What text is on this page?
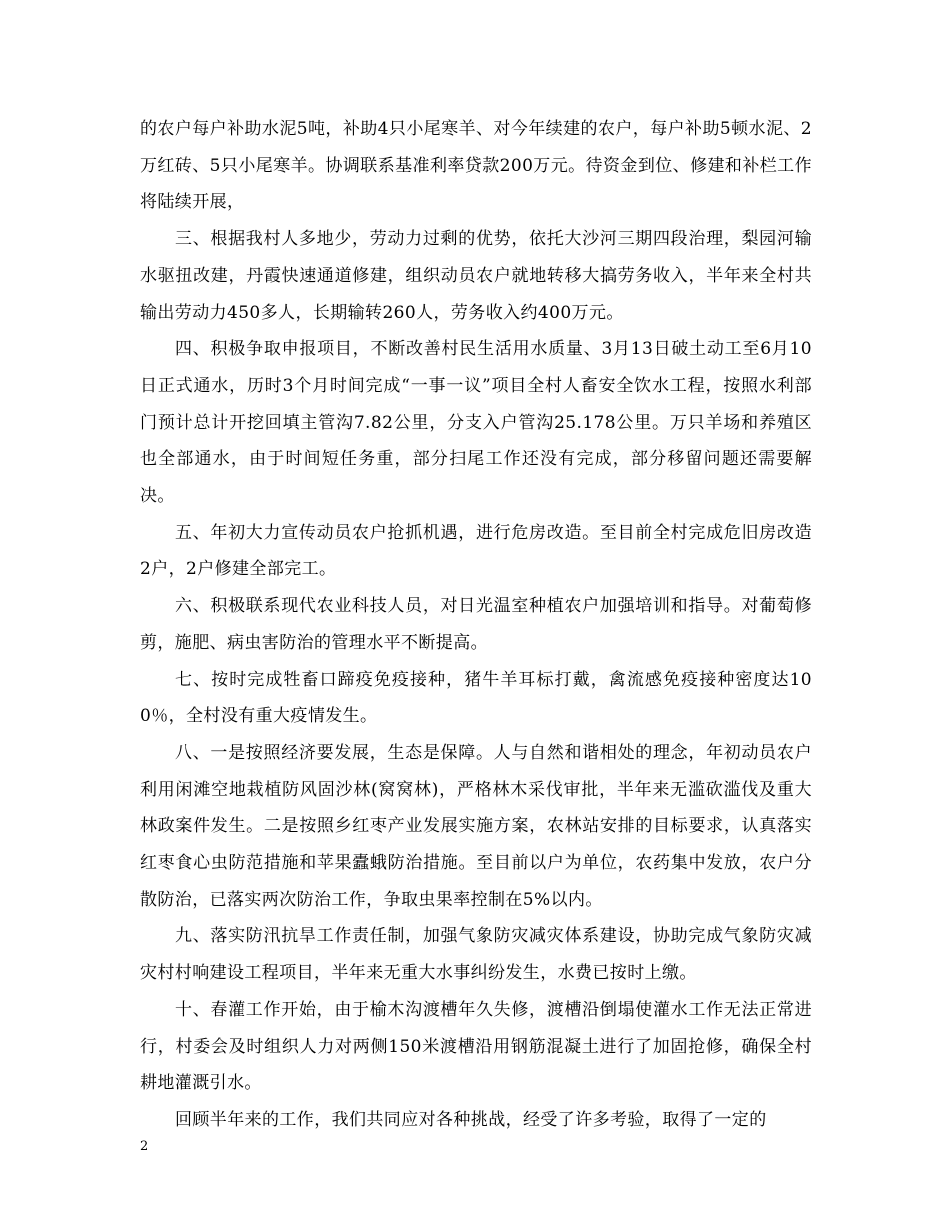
的农户每户补助水泥5吨，补助4只小尾寒羊、对今年续建的农户，每户补助5顿水泥、2万红砖、5只小尾寒羊。协调联系基准利率贷款200万元。待资金到位、修建和补栏工作将陆续开展，

三、根据我村人多地少，劳动力过剩的优势，依托大沙河三期四段治理，梨园河输水驱扭改建，丹霞快速通道修建，组织动员农户就地转移大搞劳务收入，半年来全村共输出劳动力450多人，长期输转260人，劳务收入约400万元。

四、积极争取申报项目，不断改善村民生活用水质量、3月13日破土动工至6月10日正式通水，历时3个月时间完成“一事一议”项目全村人畜安全饮水工程，按照水利部门预计总计开挖回填主管沟7.82公里，分支入户管沟25.178公里。万只羊场和养殖区也全部通水，由于时间短任务重，部分扫尾工作还没有完成，部分移留问题还需要解决。

五、年初大力宣传动员农户抢抓机遇，进行危房改造。至目前全村完成危旧房改造2户，2户修建全部完工。

六、积极联系现代农业科技人员，对日光温室种植农户加强培训和指导。对葡萄修剪，施肥、病虫害防治的管理水平不断提高。

七、按时完成牲畜口蹄疫免疫接种，猪牛羊耳标打戴，禽流感免疫接种密度达100％，全村没有重大疫情发生。

八、一是按照经济要发展，生态是保障。人与自然和谐相处的理念，年初动员农户利用闲滩空地栽植防风固沙林(窝窝林)，严格林木采伐审批，半年来无滥砍滥伐及重大林政案件发生。二是按照乡红枣产业发展实施方案，农林站安排的目标要求，认真落实红枣食心虫防范措施和苹果蠹蛾防治措施。至目前以户为单位，农药集中发放，农户分散防治，已落实两次防治工作，争取虫果率控制在5%以内。

九、落实防汛抗旱工作责任制，加强气象防灾减灾体系建设，协助完成气象防灾减灾村村响建设工程项目，半年来无重大水事纠纷发生，水费已按时上缴。

十、春灌工作开始，由于榆木沟渡槽年久失修，渡槽沿倒塌使灌水工作无法正常进行，村委会及时组织人力对两侧150米渡槽沿用钢筋混凝土进行了加固抢修，确保全村耕地灌溉引水。

回顾半年来的工作，我们共同应对各种挑战，经受了许多考验，取得了一定的

2
